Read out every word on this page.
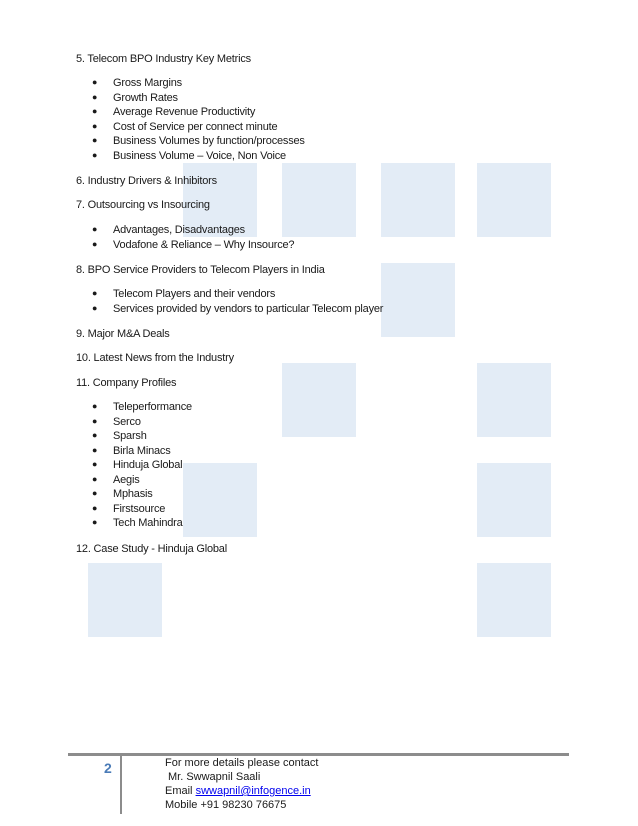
5. Telecom BPO Industry Key Metrics
● Gross Margins
● Growth Rates
● Average Revenue Productivity
● Cost of Service per connect minute
● Business Volumes by function/processes
● Business Volume – Voice, Non Voice
6. Industry Drivers & Inhibitors
7. Outsourcing vs Insourcing
● Advantages, Disadvantages
● Vodafone & Reliance – Why Insource?
8. BPO Service Providers to Telecom Players in India
● Telecom Players and their vendors
● Services provided by vendors to particular Telecom player
9. Major M&A Deals
10. Latest News from the Industry
11. Company Profiles
● Teleperformance
● Serco
● Sparsh
● Birla Minacs
● Hinduja Global
● Aegis
● Mphasis
● Firstsource
● Tech Mahindra
12. Case Study - Hinduja Global
2	For more details please contact
Mr. Swwapnil Saali
Email swwapnil@infogence.in
Mobile +91 98230 76675
